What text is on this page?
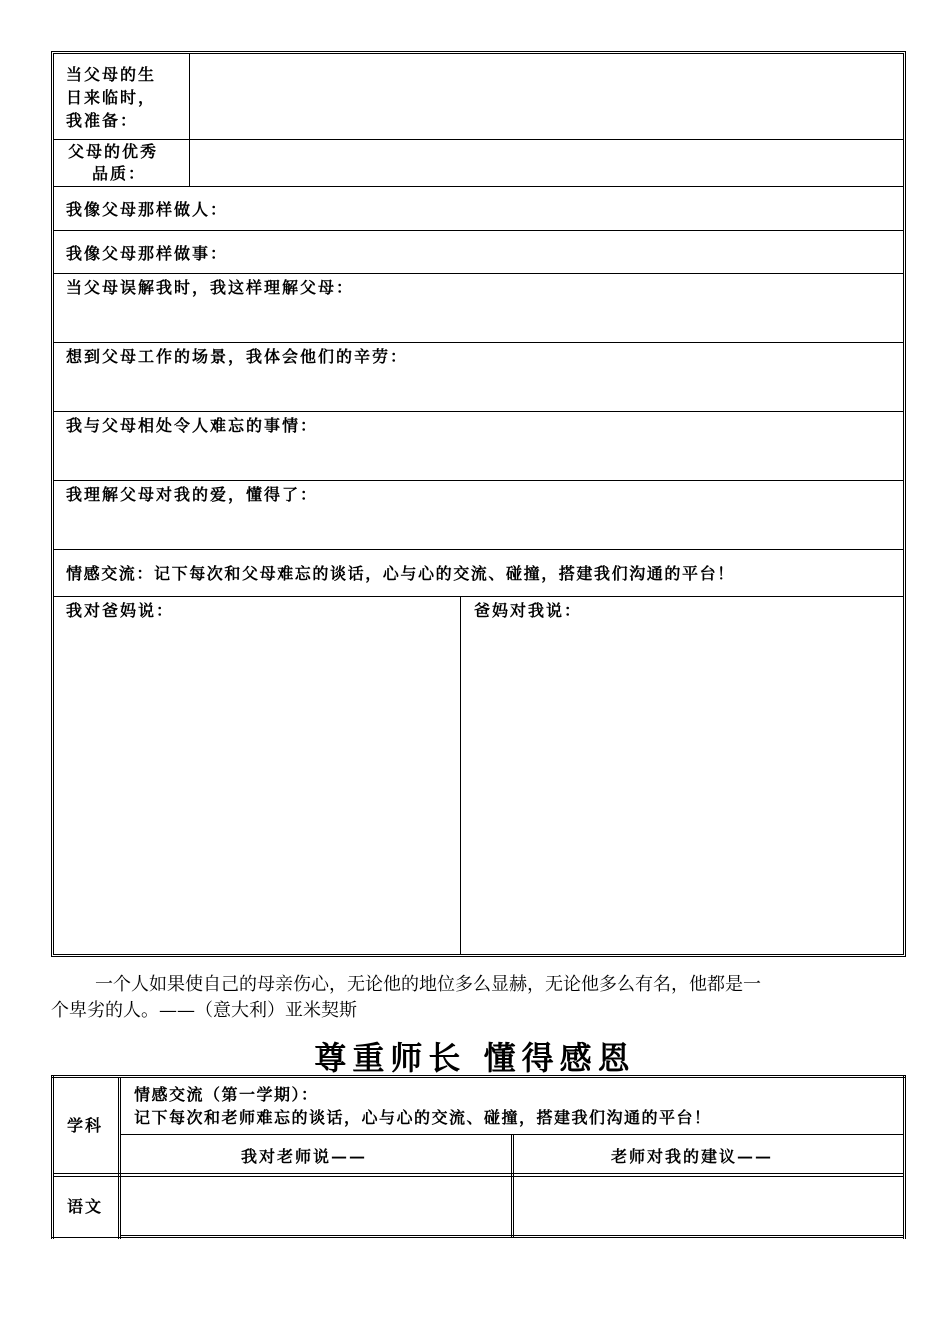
当父母的生
日来临时，
我准备：
父母的优秀
品质：
我像父母那样做人：
我像父母那样做事：
当父母误解我时，我这样理解父母：
想到父母工作的场景，我体会他们的辛劳：
我与父母相处令人难忘的事情：
我理解父母对我的爱，懂得了：
情感交流：记下每次和父母难忘的谈话，心与心的交流、碰撞，搭建我们沟通的平台！
我对爸妈说：	爸妈对我说：

一个人如果使自己的母亲伤心，无论他的地位多么显赫，无论他多么有名，他都是一

个卑劣的人。——（意大利）亚米契斯
尊重师长 懂得感恩
学科
情感交流（第一学期）：
记下每次和老师难忘的谈话，心与心的交流、碰撞，搭建我们沟通的平台！
我对老师说——	老师对我的建议——
语文
